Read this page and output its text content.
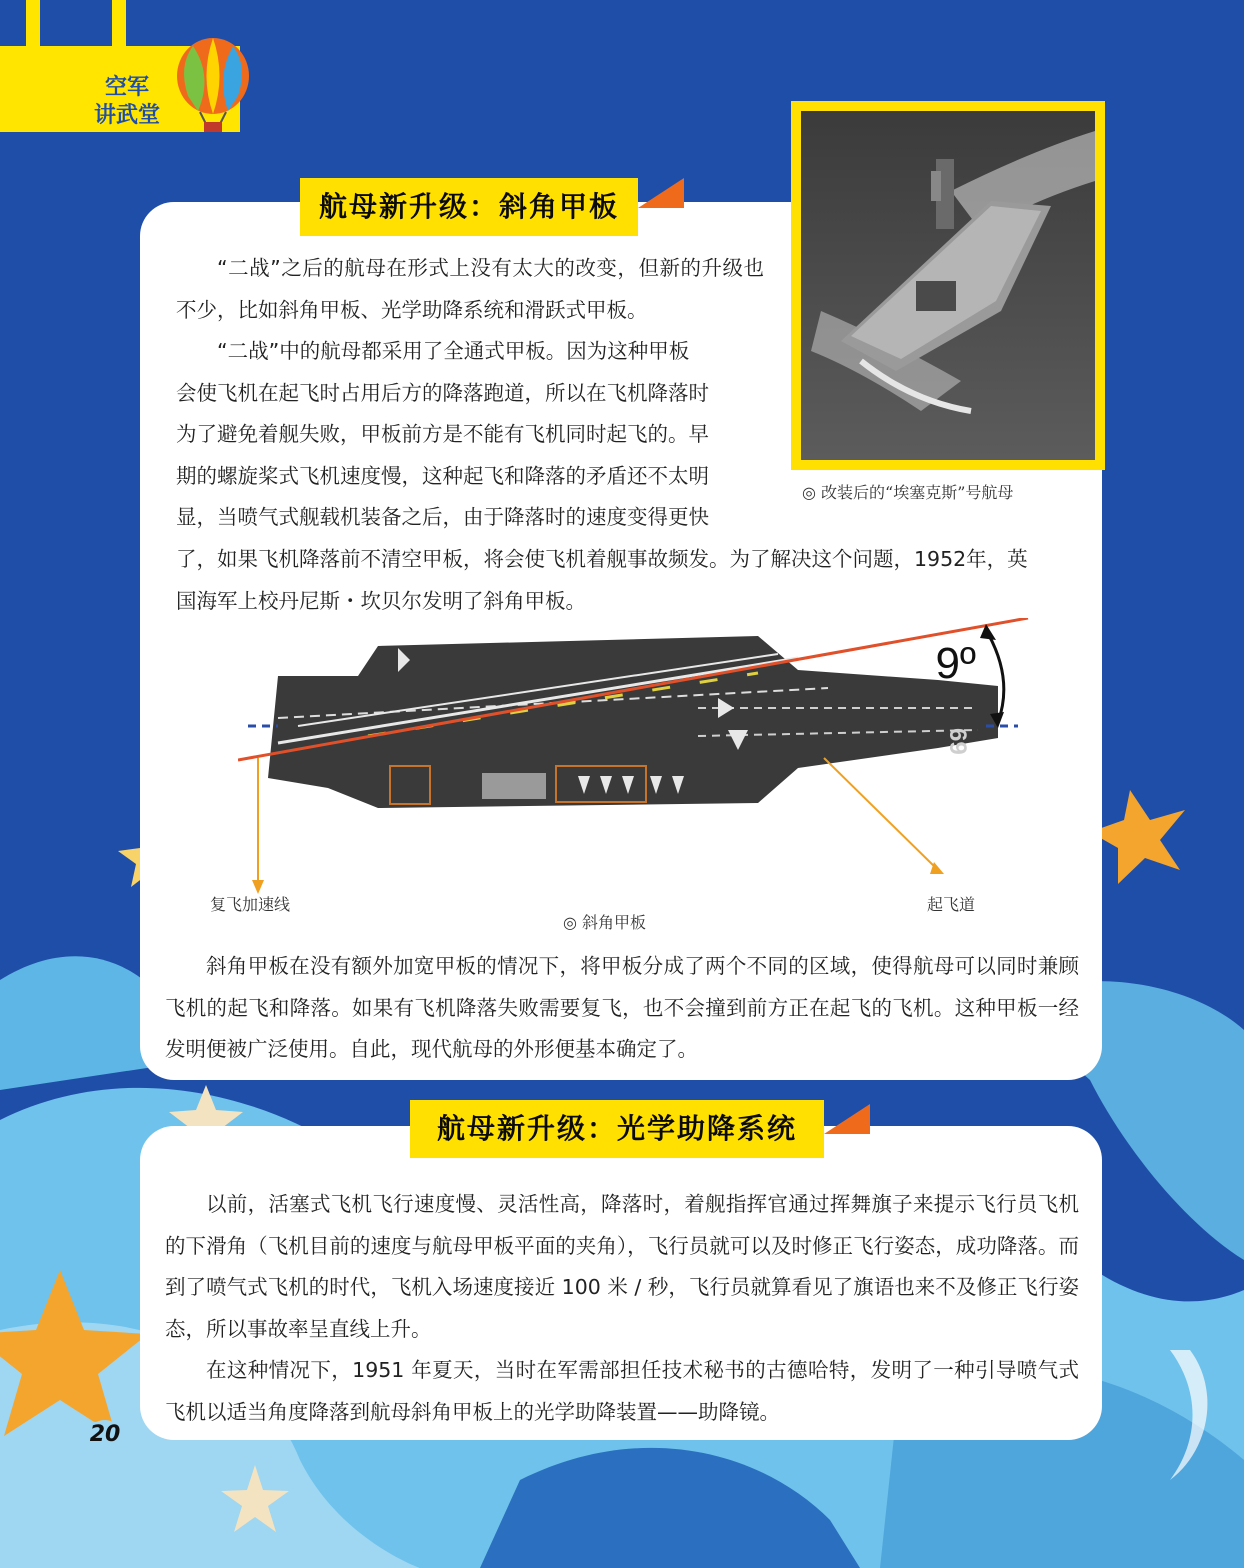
空军
讲武堂
航母新升级：斜角甲板
◎ 改装后的“埃塞克斯”号航母
“二战”之后的航母在形式上没有太大的改变，但新的升级也不少，比如斜角甲板、光学助降系统和滑跃式甲板。
“二战”中的航母都采用了全通式甲板。因为这种甲板
会使飞机在起飞时占用后方的降落跑道，所以在飞机降落时
为了避免着舰失败，甲板前方是不能有飞机同时起飞的。早
期的螺旋桨式飞机速度慢，这种起飞和降落的矛盾还不太明
显，当喷气式舰载机装备之后，由于降落时的速度变得更快
了，如果飞机降落前不清空甲板，将会使飞机着舰事故频发。为了解决这个问题，1952年，英
国海军上校丹尼斯・坎贝尔发明了斜角甲板。
9º
69
复飞加速线	起飞道
◎ 斜角甲板
斜角甲板在没有额外加宽甲板的情况下，将甲板分成了两个不同的区域，使得航母可以同时兼顾飞机的起飞和降落。如果有飞机降落失败需要复飞，也不会撞到前方正在起飞的飞机。这种甲板一经发明便被广泛使用。自此，现代航母的外形便基本确定了。
航母新升级：光学助降系统
以前，活塞式飞机飞行速度慢、灵活性高，降落时，着舰指挥官通过挥舞旗子来提示飞行员飞机的下滑角（飞机目前的速度与航母甲板平面的夹角），飞行员就可以及时修正飞行姿态，成功降落。而到了喷气式飞机的时代，飞机入场速度接近 100 米 / 秒，飞行员就算看见了旗语也来不及修正飞行姿态，所以事故率呈直线上升。
在这种情况下，1951 年夏天，当时在军需部担任技术秘书的古德哈特，发明了一种引导喷气式飞机以适当角度降落到航母斜角甲板上的光学助降装置——助降镜。
20
